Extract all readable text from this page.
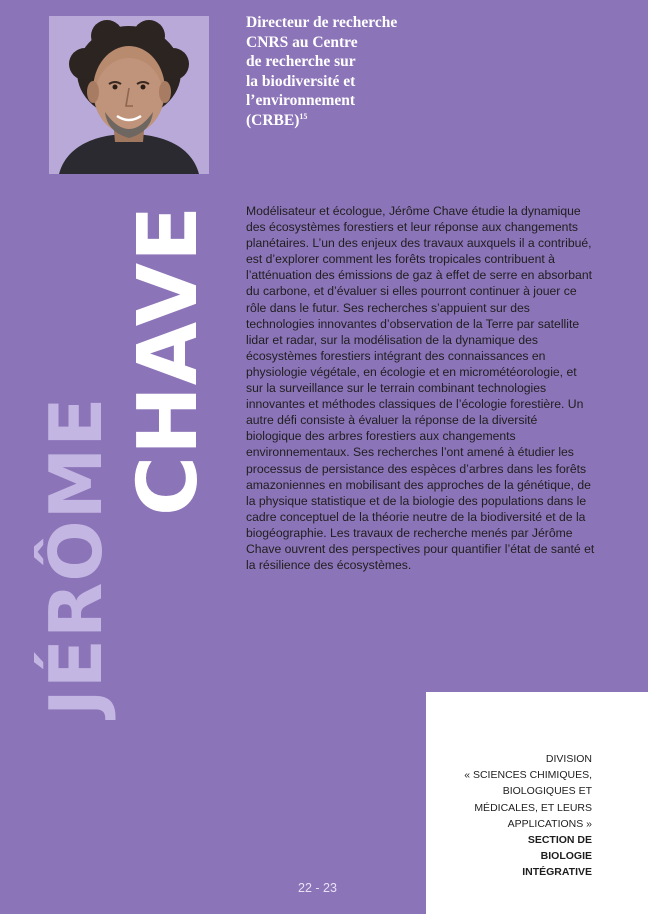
Directeur de recherche
CNRS au Centre
de recherche sur
la biodiversité et
l’environnement
(CRBE)$^{15}$
JÉRÔME
CHAVE Modélisateur et écologue, Jérôme Chave étudie la dynamique des écosystèmes forestiers et leur réponse aux changements planétaires. L’un des enjeux des travaux auxquels il a contribué, est d’explorer comment les forêts tropicales contribuent à l’atténuation des émissions de gaz à effet de serre en absorbant du carbone, et d’évaluer si elles pourront continuer à jouer ce rôle dans le futur. Ses recherches s’appuient sur des technologies innovantes d’observation de la Terre par satellite lidar et radar, sur la modélisation de la dynamique des écosystèmes forestiers intégrant des connaissances en physiologie végétale, en écologie et en micrométéorologie, et sur la surveillance sur le terrain combinant technologies innovantes et méthodes classiques de l’écologie forestière. Un autre défi consiste à évaluer la réponse de la diversité biologique des arbres forestiers aux changements environnementaux. Ses recherches l’ont amené à étudier les processus de persistance des espèces d’arbres dans les forêts amazoniennes en mobilisant des approches de la génétique, de la physique statistique et de la biologie des populations dans le cadre conceptuel de la théorie neutre de la biodiversité et de la biogéographie. Les travaux de recherche menés par Jérôme Chave ouvrent des perspectives pour quantifier l’état de santé et la résilience des écosystèmes.
DIVISION
« SCIENCES CHIMIQUES,
BIOLOGIQUES ET
MÉDICALES, ET LEURS
APPLICATIONS »
SECTION DE
BIOLOGIE
INTÉGRATIVE
22 - 23
